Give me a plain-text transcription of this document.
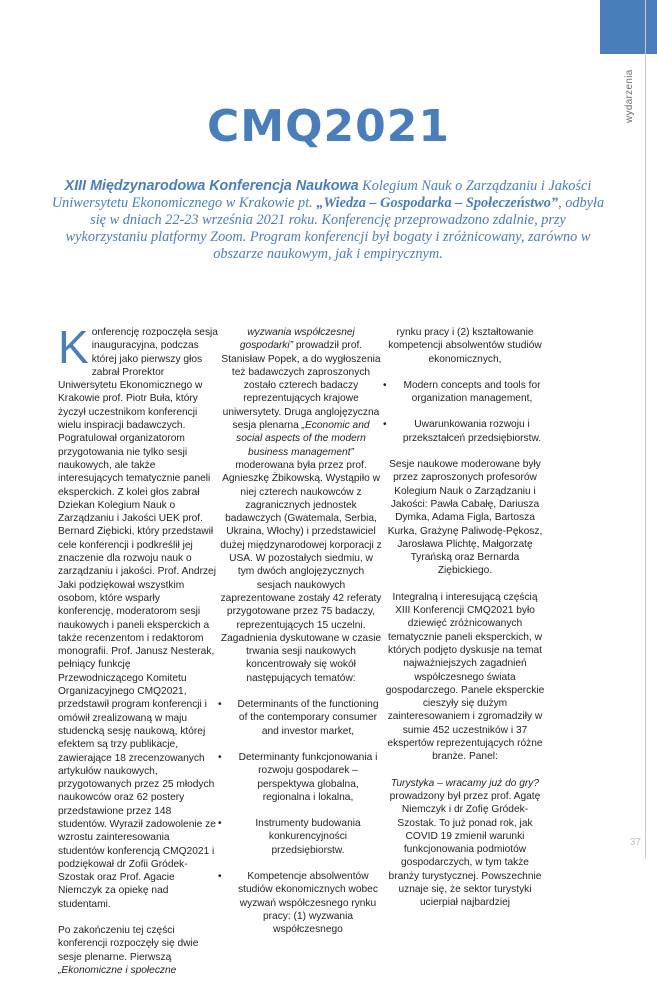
wydarzenia
CMQ2021

XIII Międzynarodowa Konferencja Naukowa Kolegium Nauk o Zarządzaniu i Jakości Uniwersytetu Ekonomicznego w Krakowie pt. „Wiedza – Gospodarka – Społeczeństwo”, odbyła się w dniach 22-23 września 2021 roku. Konferencję przeprowadzono zdalnie, przy wykorzystaniu platformy Zoom. Program konferencji był bogaty i zróżnicowany, zarówno w obszarze naukowym, jak i empirycznym.

Konferencję rozpoczęła sesja inauguracyjna, podczas której jako pierwszy głos zabrał Prorektor Uniwersytetu Ekonomicznego w Krakowie prof. Piotr Buła, który życzył uczestnikom konferencji wielu inspiracji badawczych. Pogratulował organizatorom przygotowania nie tylko sesji naukowych, ale także interesujących tematycznie paneli eksperckich. Z kolei głos zabrał Dziekan Kolegium Nauk o Zarządzaniu i Jakości UEK prof. Bernard Ziębicki, który przedstawił cele konferencji i podkreślił jej znaczenie dla rozwoju nauk o zarządzaniu i jakości. Prof. Andrzej Jaki podziękował wszystkim osobom, które wsparły konferencję, moderatorom sesji naukowych i paneli eksperckich a także recenzentom i redaktorom monografii. Prof. Janusz Nesterak, pełniący funkcję Przewodniczącego Komitetu Organizacyjnego CMQ2021, przedstawił program konferencji i omówił zrealizowaną w maju studencką sesję naukową, której efektem są trzy publikacje, zawierające 18 zrecenzowanych artykułów naukowych, przygotowanych przez 25 młodych naukowców oraz 62 postery przedstawione przez 148 studentów. Wyraził zadowolenie ze wzrostu zainteresowania studentów konferencją CMQ2021 i podziękował dr Zofii Gródek-Szostak oraz Prof. Agacie Niemczyk za opiekę nad studentami.

Po zakończeniu tej części konferencji rozpoczęły się dwie sesje plenarne. Pierwszą „Ekonomiczne i społeczne

wyzwania współczesnej gospodarki” prowadził prof. Stanisław Popek, a do wygłoszenia też badawczych zaproszonych zostało czterech badaczy reprezentujących krajowe uniwersytety. Druga anglojęzyczna sesja plenarna „Economic and social aspects of the modern business management” moderowana była przez prof. Agnieszkę Żbikowską. Wystąpiło w niej czterech naukowców z zagranicznych jednostek badawczych (Gwatemala, Serbia, Ukraina, Włochy) i przedstawiciel dużej międzynarodowej korporacji z USA. W pozostałych siedmiu, w tym dwóch anglojęzycznych sesjach naukowych zaprezentowane zostały 42 referaty przygotowane przez 75 badaczy, reprezentujących 15 uczelni. Zagadnienia dyskutowane w czasie trwania sesji naukowych koncentrowały się wokół następujących tematów:

• Determinants of the functioning of the contemporary consumer and investor market,
• Determinanty funkcjonowania i rozwoju gospodarek – perspektywa globalna, regionalna i lokalna,
• Instrumenty budowania konkurencyjności przedsiębiorstw.
• Kompetencje absolwentów studiów ekonomicznych wobec wyzwań współczesnego rynku pracy: (1) wyzwania współczesnego

rynku pracy i (2) kształtowanie kompetencji absolwentów studiów ekonomicznych,

• Modern concepts and tools for organization management,
• Uwarunkowania rozwoju i przekształceń przedsiębiorstw.

Sesje naukowe moderowane były przez zaproszonych profesorów Kolegium Nauk o Zarządzaniu i Jakości: Pawła Cabałę, Dariusza Dymka, Adama Figla, Bartosza Kurka, Grażynę Paliwodę-Pękosz, Jarosława Plichtę, Małgorzatę Tyrańską oraz Bernarda Ziębickiego.

Integralną i interesującą częścią XIII Konferencji CMQ2021 było dziewięć zróżnicowanych tematycznie paneli eksperckich, w których podjęto dyskusje na temat najważniejszych zagadnień współczesnego świata gospodarczego. Panele eksperckie cieszyły się dużym zainteresowaniem i zgromadziły w sumie 452 uczestników i 37 ekspertów reprezentujących różne branże. Panel:

Turystyka – wracamy już do gry? prowadzony był przez prof. Agatę Niemczyk i dr Zofię Gródek-Szostak. To już ponad rok, jak COVID 19 zmienił warunki funkcjonowania podmiotów gospodarczych, w tym także branży turystycznej. Powszechnie uznaje się, że sektor turystyki ucierpiał najbardziej

37
